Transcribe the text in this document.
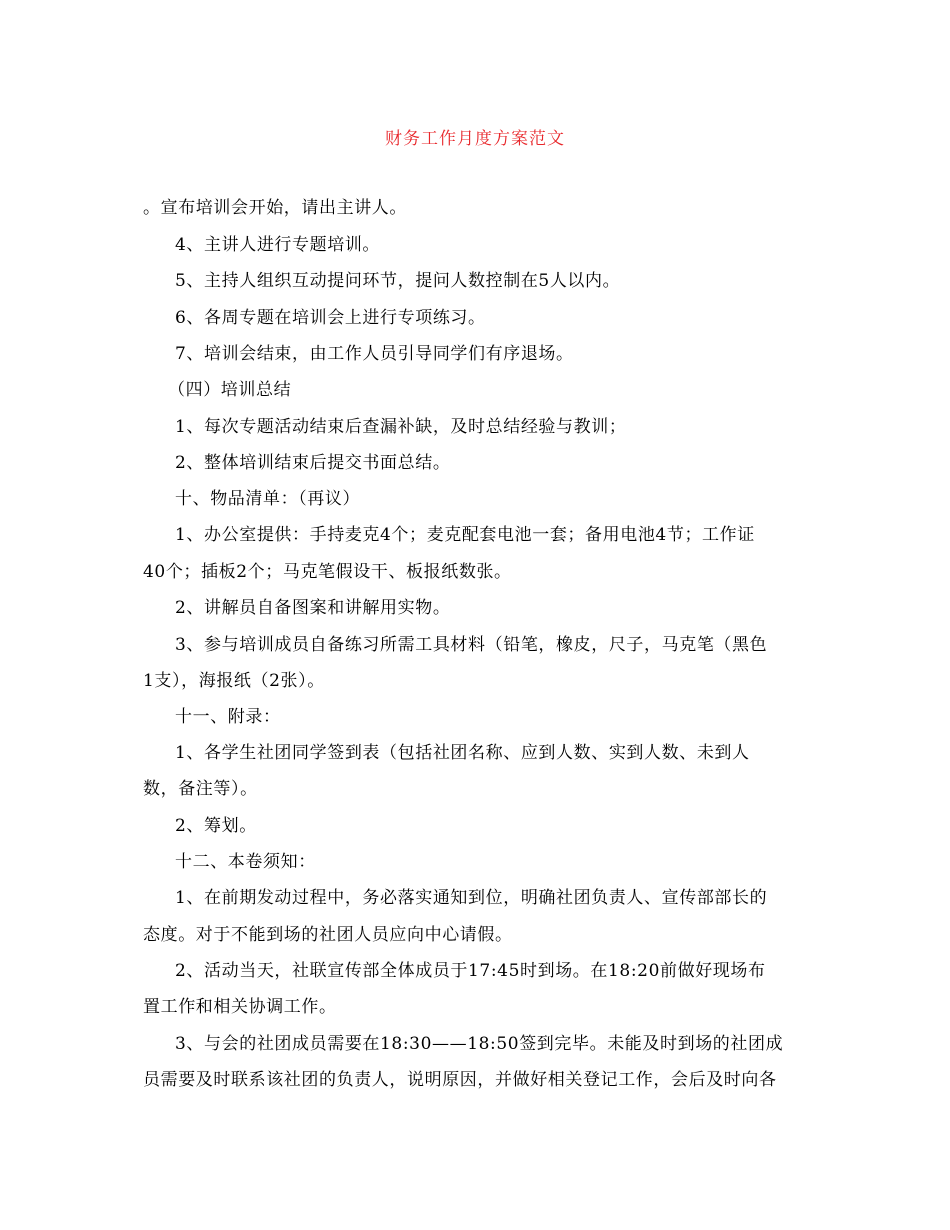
财务工作月度方案范文
。宣布培训会开始，请出主讲人。
4、主讲人进行专题培训。
5、主持人组织互动提问环节，提问人数控制在5人以内。
6、各周专题在培训会上进行专项练习。
7、培训会结束，由工作人员引导同学们有序退场。
（四）培训总结
1、每次专题活动结束后查漏补缺，及时总结经验与教训；
2、整体培训结束后提交书面总结。
十、物品清单：（再议）
1、办公室提供：手持麦克4个；麦克配套电池一套；备用电池4节；工作证
40个；插板2个；马克笔假设干、板报纸数张。
2、讲解员自备图案和讲解用实物。
3、参与培训成员自备练习所需工具材料（铅笔，橡皮，尺子，马克笔（黑色
1支），海报纸（2张）。
十一、附录：
1、各学生社团同学签到表（包括社团名称、应到人数、实到人数、未到人
数，备注等）。
2、筹划。
十二、本卷须知：
1、在前期发动过程中，务必落实通知到位，明确社团负责人、宣传部部长的
态度。对于不能到场的社团人员应向中心请假。
2、活动当天，社联宣传部全体成员于17:45时到场。在18:20前做好现场布
置工作和相关协调工作。
3、与会的社团成员需要在18:30——18:50签到完毕。未能及时到场的社团成
员需要及时联系该社团的负责人，说明原因，并做好相关登记工作，会后及时向各
